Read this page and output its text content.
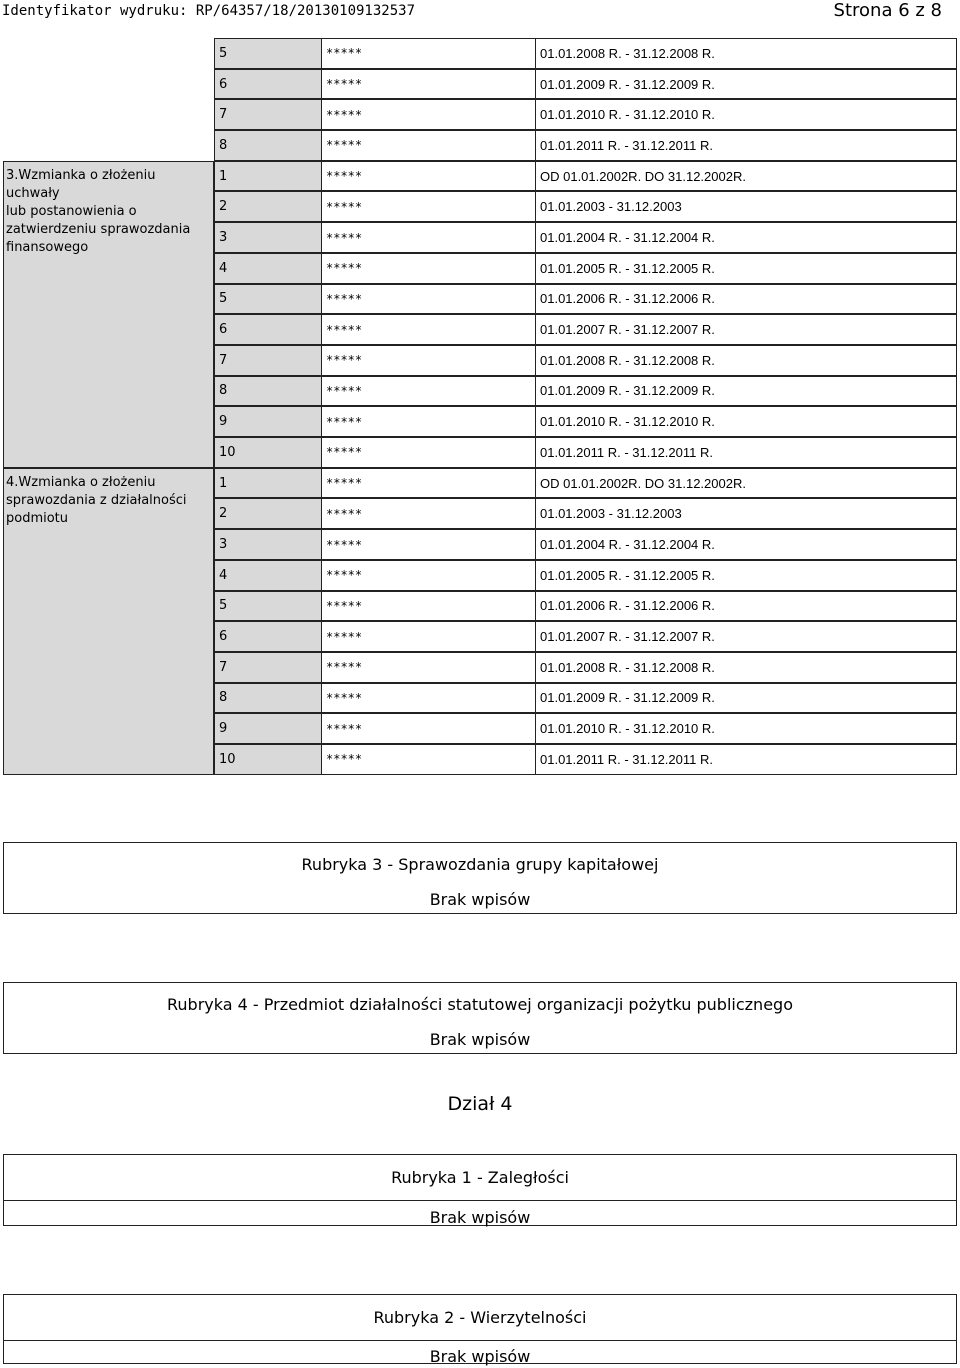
Identyfikator wydruku: RP/64357/18/20130109132537	Strona 6 z 8
5	*****	01.01.2008 R. - 31.12.2008 R.
6	*****	01.01.2009 R. - 31.12.2009 R.
7	*****	01.01.2010 R. - 31.12.2010 R.
8	*****	01.01.2011 R. - 31.12.2011 R.
3.Wzmianka o złożeniu uchwały
lub postanowienia o
zatwierdzeniu sprawozdania
finansowego
1	*****	OD 01.01.2002R. DO 31.12.2002R.
2	*****	01.01.2003 - 31.12.2003
3	*****	01.01.2004 R. - 31.12.2004 R.
4	*****	01.01.2005 R. - 31.12.2005 R.
5	*****	01.01.2006 R. - 31.12.2006 R.
6	*****	01.01.2007 R. - 31.12.2007 R.
7	*****	01.01.2008 R. - 31.12.2008 R.
8	*****	01.01.2009 R. - 31.12.2009 R.
9	*****	01.01.2010 R. - 31.12.2010 R.
10	*****	01.01.2011 R. - 31.12.2011 R.
4.Wzmianka o złożeniu
sprawozdania z działalności
podmiotu
1	*****	OD 01.01.2002R. DO 31.12.2002R.
2	*****	01.01.2003 - 31.12.2003
3	*****	01.01.2004 R. - 31.12.2004 R.
4	*****	01.01.2005 R. - 31.12.2005 R.
5	*****	01.01.2006 R. - 31.12.2006 R.
6	*****	01.01.2007 R. - 31.12.2007 R.
7	*****	01.01.2008 R. - 31.12.2008 R.
8	*****	01.01.2009 R. - 31.12.2009 R.
9	*****	01.01.2010 R. - 31.12.2010 R.
10	*****	01.01.2011 R. - 31.12.2011 R.
Rubryka 3 - Sprawozdania grupy kapitałowej
Brak wpisów
Rubryka 4 - Przedmiot działalności statutowej organizacji pożytku publicznego
Brak wpisów
Dział 4
Rubryka 1 - Zaległości
Brak wpisów
Rubryka 2 - Wierzytelności
Brak wpisów
